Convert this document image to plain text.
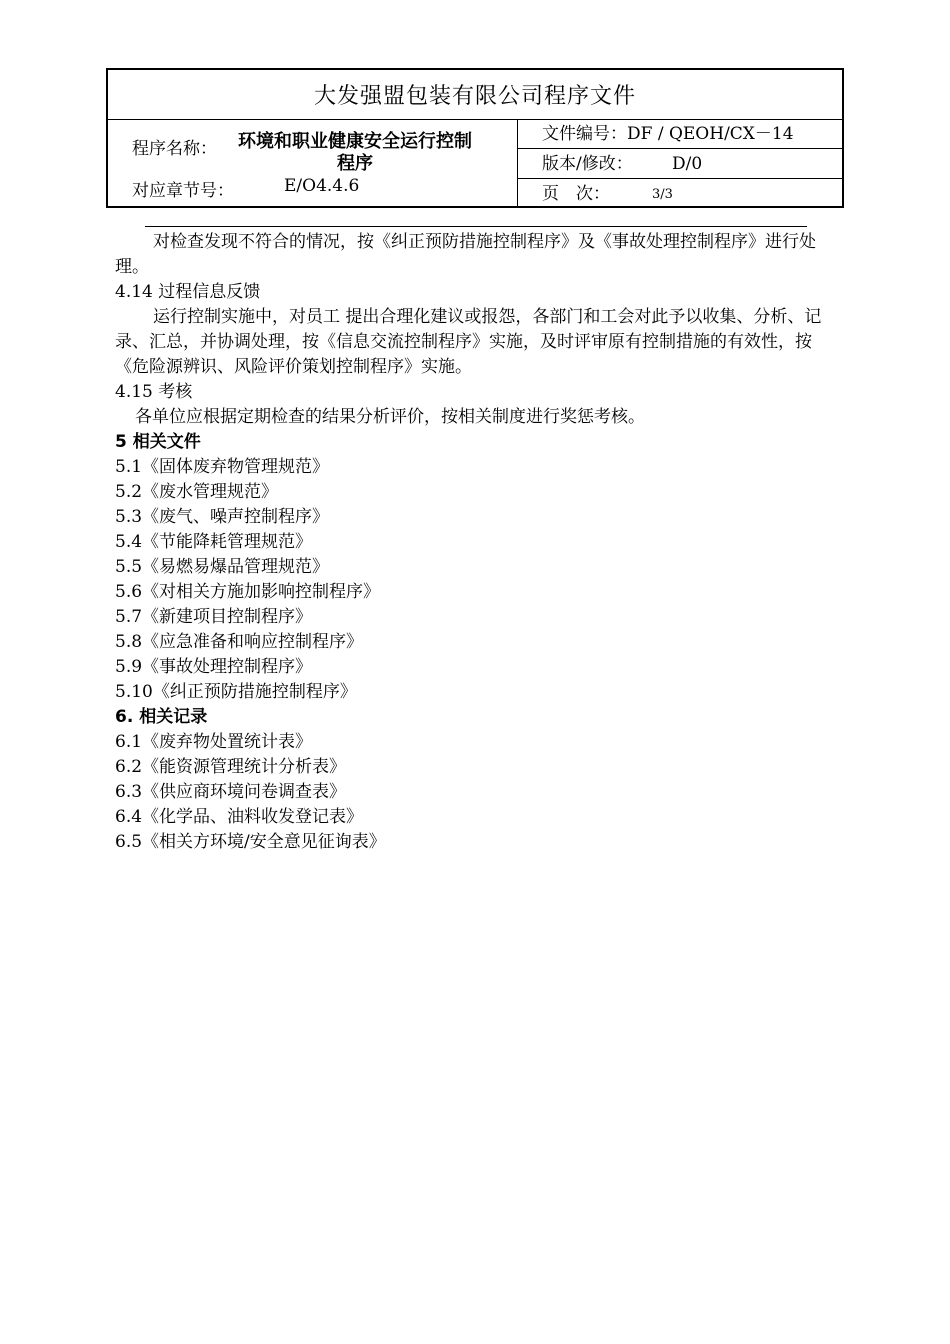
大发强盟包装有限公司程序文件
程序名称：	环境和职业健康安全运行控制程序
对应章节号：	E/O4.4.6
文件编号：DF / QEOH/CX－14
版本/修改： D/0
页　次：	3/3

对检查发现不符合的情况，按《纠正预防措施控制程序》及《事故处理控制程序》进行处理。

4.14 过程信息反馈

运行控制实施中，对员工 提出合理化建议或报怨，各部门和工会对此予以收集、分析、记录、汇总，并协调处理，按《信息交流控制程序》实施，及时评审原有控制措施的有效性，按《危险源辨识、风险评价策划控制程序》实施。

4.15 考核

各单位应根据定期检查的结果分析评价，按相关制度进行奖惩考核。

5 相关文件

5.1《固体废弃物管理规范》

5.2《废水管理规范》

5.3《废气、噪声控制程序》

5.4《节能降耗管理规范》

5.5《易燃易爆品管理规范》

5.6《对相关方施加影响控制程序》

5.7《新建项目控制程序》

5.8《应急准备和响应控制程序》

5.9《事故处理控制程序》

5.10《纠正预防措施控制程序》

6. 相关记录

6.1《废弃物处置统计表》

6.2《能资源管理统计分析表》

6.3《供应商环境问卷调查表》

6.4《化学品、油料收发登记表》

6.5《相关方环境/安全意见征询表》
